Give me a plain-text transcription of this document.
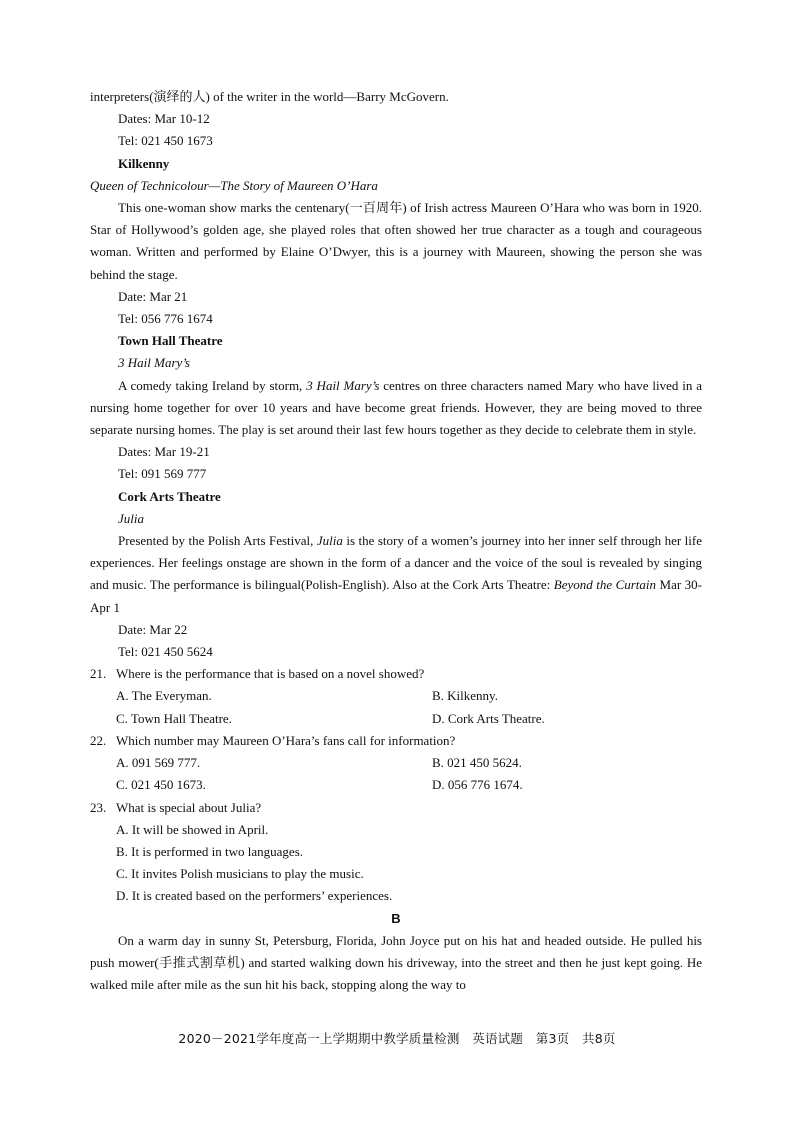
interpreters(演绎的人) of the writer in the world—Barry McGovern.

Dates: Mar 10-12

Tel: 021 450 1673

Kilkenny

Queen of Technicolour—The Story of Maureen O’Hara

This one-woman show marks the centenary(一百周年) of Irish actress Maureen O’Hara who was born in 1920. Star of Hollywood’s golden age, she played roles that often showed her true character as a tough and courageous woman. Written and performed by Elaine O’Dwyer, this is a journey with Maureen, showing the person she was behind the stage.

Date: Mar 21

Tel: 056 776 1674

Town Hall Theatre

3 Hail Mary’s

A comedy taking Ireland by storm, 3 Hail Mary’s centres on three characters named Mary who have lived in a nursing home together for over 10 years and have become great friends. However, they are being moved to three separate nursing homes. The play is set around their last few hours together as they decide to celebrate them in style.

Dates: Mar 19-21

Tel: 091 569 777

Cork Arts Theatre

Julia

Presented by the Polish Arts Festival, Julia is the story of a women’s journey into her inner self through her life experiences. Her feelings onstage are shown in the form of a dancer and the voice of the soul is revealed by singing and music. The performance is bilingual(Polish-English). Also at the Cork Arts Theatre: Beyond the Curtain Mar 30-Apr 1

Date: Mar 22

Tel: 021 450 5624

21. Where is the performance that is based on a novel showed?
A. The Everyman.	B. Kilkenny.
C. Town Hall Theatre.	D. Cork Arts Theatre.
22. Which number may Maureen O’Hara’s fans call for information?
A. 091 569 777.	B. 021 450 5624.
C. 021 450 1673.	D. 056 776 1674.
23. What is special about Julia?
A. It will be showed in April.
B. It is performed in two languages.
C. It invites Polish musicians to play the music.
D. It is created based on the performers’ experiences.
B

On a warm day in sunny St, Petersburg, Florida, John Joyce put on his hat and headed outside. He pulled his push mower(手推式割草机) and started walking down his driveway, into the street and then he just kept going. He walked mile after mile as the sun hit his back, stopping along the way to

2020－2021学年度高一上学期期中教学质量检测　英语试题　第3页　共8页
